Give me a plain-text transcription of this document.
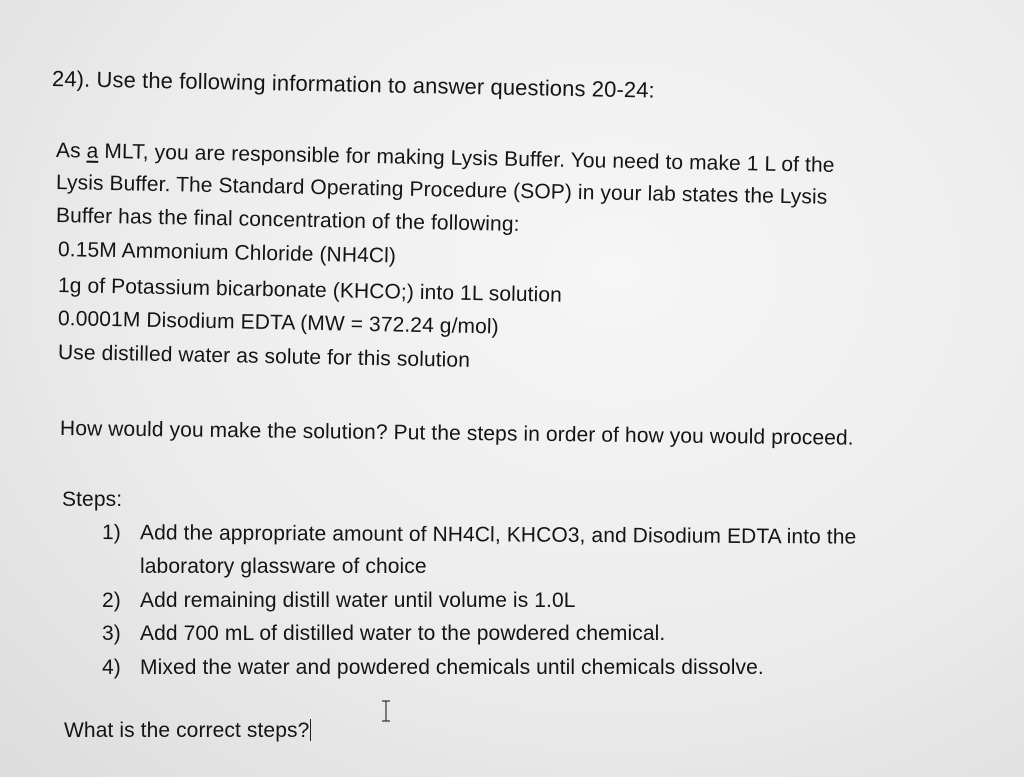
24). Use the following information to answer questions 20-24:
As a MLT, you are responsible for making Lysis Buffer. You need to make 1 L of the
Lysis Buffer. The Standard Operating Procedure (SOP) in your lab states the Lysis
Buffer has the final concentration of the following:
0.15M Ammonium Chloride (NH4Cl)
1g of Potassium bicarbonate (KHCO;) into 1L solution
0.0001M Disodium EDTA (MW = 372.24 g/mol)
Use distilled water as solute for this solution
How would you make the solution? Put the steps in order of how you would proceed.
Steps:
1) Add the appropriate amount of NH4Cl, KHCO3, and Disodium EDTA into the
laboratory glassware of choice
2) Add remaining distill water until volume is 1.0L
3) Add 700 mL of distilled water to the powdered chemical.
4) Mixed the water and powdered chemicals until chemicals dissolve.
What is the correct steps?
